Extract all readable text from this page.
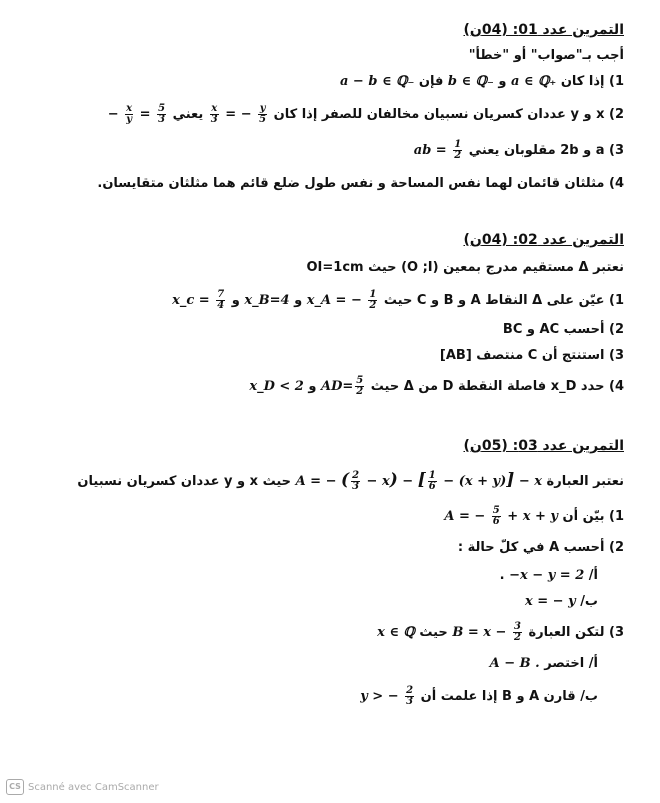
التمرين عدد 01: (04ن)
أجب بـ"صواب" أو "خطأ"
1) إذا كان a ∈ ℚ₊ و b ∈ ℚ₋ فإن a − b ∈ ℚ₋
2) x و y عددان كسريان نسبيان مخالفان للصفر إذا كان
$\frac{x}{3}$ = − $\frac{y}{5}$
يعني − $\frac{x}{y} = \frac{5}{3}$
3) a و 2b مقلوبان يعني ab = $\frac{1}{2}$
4) مثلثان قائمان لهما نفس المساحة و نفس طول ضلع قائم هما مثلثان متقايسان.
التمرين عدد 02: (04ن)
نعتبر Δ مستقيم مدرج بمعين (O ;I) حيث OI=1cm
1) عيّن على Δ النقاط A و B و C حيث x_A = − $\frac{1}{2}$
و x_B=4 و x_c = $\frac{7}{4}$
2) أحسب AC و BC
3) استنتج أن C منتصف [AB]
4) حدد x_D فاصلة النقطة D من Δ حيث $AD= \frac{5}{2}$
و x_D < 2
التمرين عدد 03: (05ن)
نعتبر العبارة A = − ( $\frac{2}{3} - x$) − [ $\frac{1}{6} - (x + y)] - x$ حيث x و y عددان كسريان نسبيان
1) بيّن أن A = − $\frac{5}{6} + x + y$
2) أحسب A في كلّ حالة :
أ/ −x − y = 2 .
ب/ x = − y
3) لتكن العبارة $B = x - \frac{3}{2}$
حيث x ∈ ℚ
أ/ اختصر A − B .
ب/ قارن A و B إذا علمت أن y > − $\frac{2}{3}$
CS Scanné avec CamScanner
